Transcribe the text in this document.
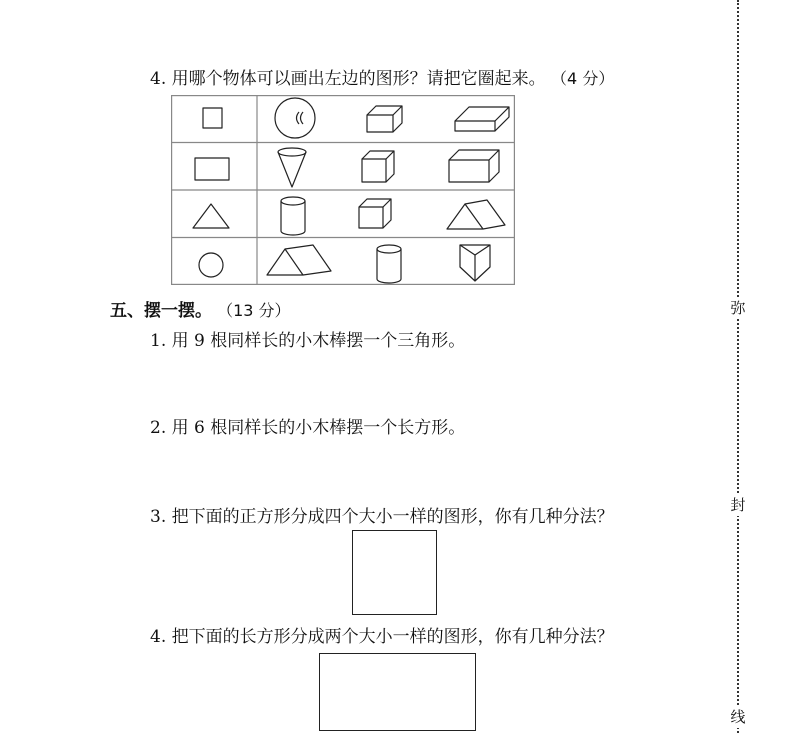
4. 用哪个物体可以画出左边的图形？请把它圈起来。 （4 分）
五、摆一摆。 （13 分）
1. 用 9 根同样长的小木棒摆一个三角形。
2. 用 6 根同样长的小木棒摆一个长方形。
3. 把下面的正方形分成四个大小一样的图形，你有几种分法？
4. 把下面的长方形分成两个大小一样的图形，你有几种分法？
弥
封
线
